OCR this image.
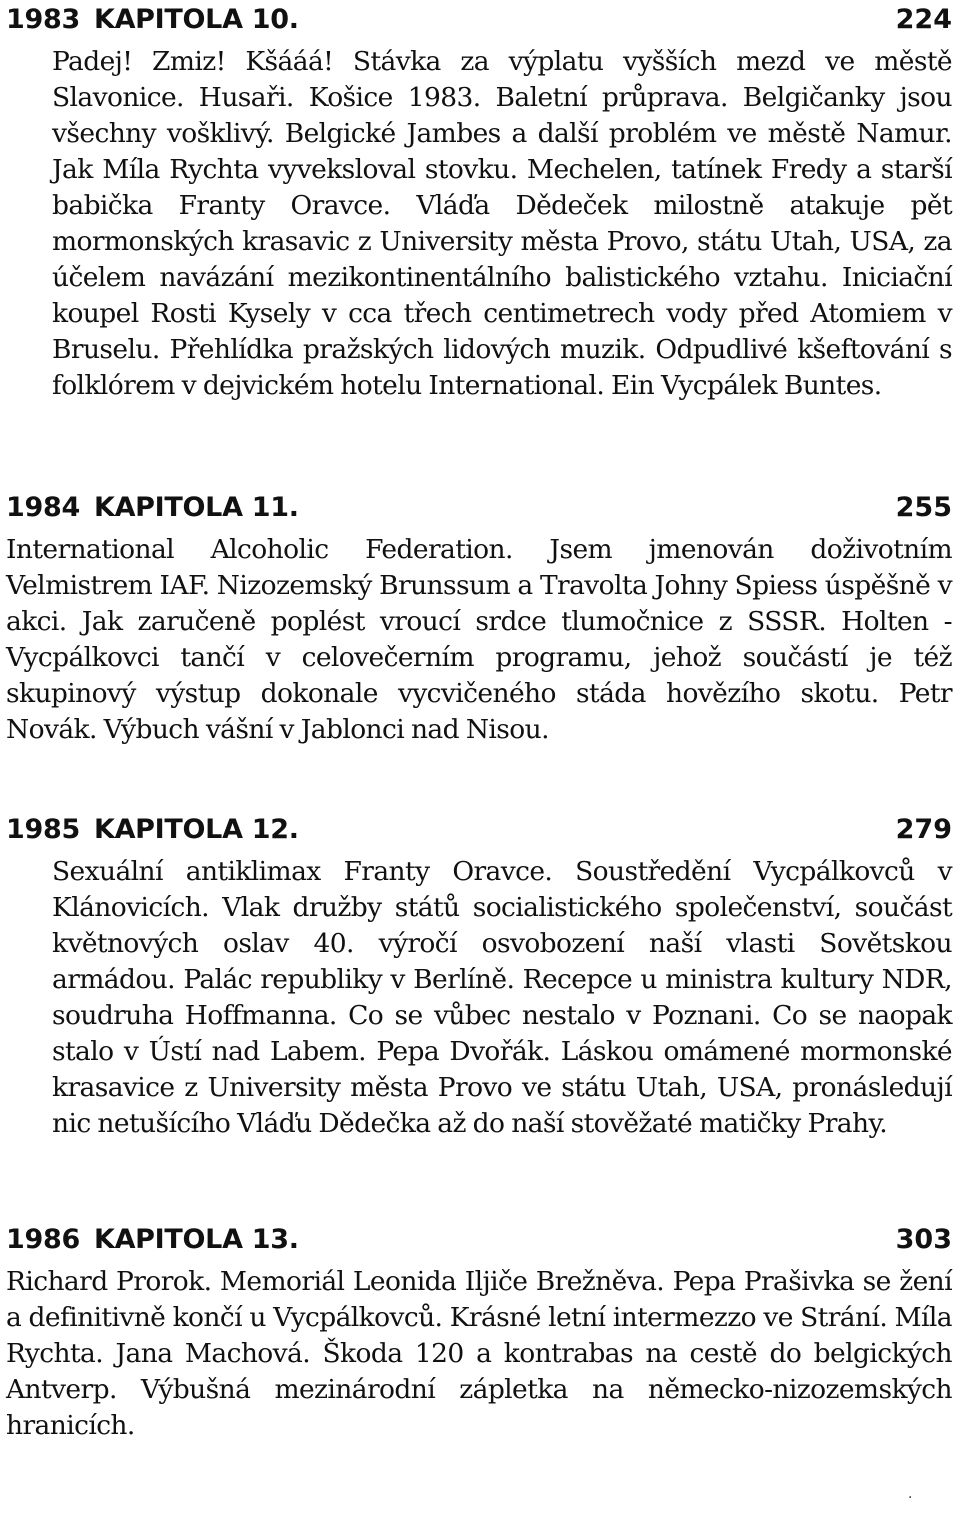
1983 KAPITOLA 10.	224

Padej! Zmiz! Kšááá! Stávka za výplatu vyšších mezd ve městě Slavonice. Husaři. Košice 1983. Baletní průprava. Belgičanky jsou všechny vošklivý. Belgické Jambes a další problém ve městě Namur. Jak Míla Rychta vyveksloval stovku. Mechelen, tatínek Fredy a starší babička Franty Oravce. Vláďa Dědeček milostně atakuje pět mormonských krasavic z University města Provo, státu Utah, USA, za účelem navázání mezikontinentálního balistického vztahu. Iniciační koupel Rosti Kysely v cca třech centimetrech vody před Atomiem v Bruselu. Přehlídka pražských lidových muzik. Odpudlivé kšeftování s folklórem v dejvickém hotelu International. Ein Vycpálek Buntes.

1984 KAPITOLA 11.	255

International Alcoholic Federation. Jsem jmenován doživotním Velmistrem IAF. Nizozemský Brunssum a Travolta Johny Spiess úspěšně v akci. Jak zaručeně poplést vroucí srdce tlumočnice z SSSR. Holten - Vycpálkovci tančí v celovečerním programu, jehož součástí je též skupinový výstup dokonale vycvičeného stáda hovězího skotu. Petr Novák. Výbuch vášní v Jablonci nad Nisou.

1985 KAPITOLA 12.	279

Sexuální antiklimax Franty Oravce. Soustředění Vycpálkovců v Klánovicích. Vlak družby států socialistického společenství, součást květnových oslav 40. výročí osvobození naší vlasti Sovětskou armádou. Palác republiky v Berlíně. Recepce u ministra kultury NDR, soudruha Hoffmanna. Co se vůbec nestalo v Poznani. Co se naopak stalo v Ústí nad Labem. Pepa Dvořák. Láskou omámené mormonské krasavice z University města Provo ve státu Utah, USA, pronásledují nic netušícího Vláďu Dědečka až do naší stověžaté matičky Prahy.

1986 KAPITOLA 13.	303

Richard Prorok. Memoriál Leonida Iljiče Brežněva. Pepa Prašivka se žení a definitivně končí u Vycpálkovců. Krásné letní intermezzo ve Strání. Míla Rychta. Jana Machová. Škoda 120 a kontrabas na cestě do belgických Antverp. Výbušná mezinárodní zápletka na německo-nizozemských hranicích.

·
